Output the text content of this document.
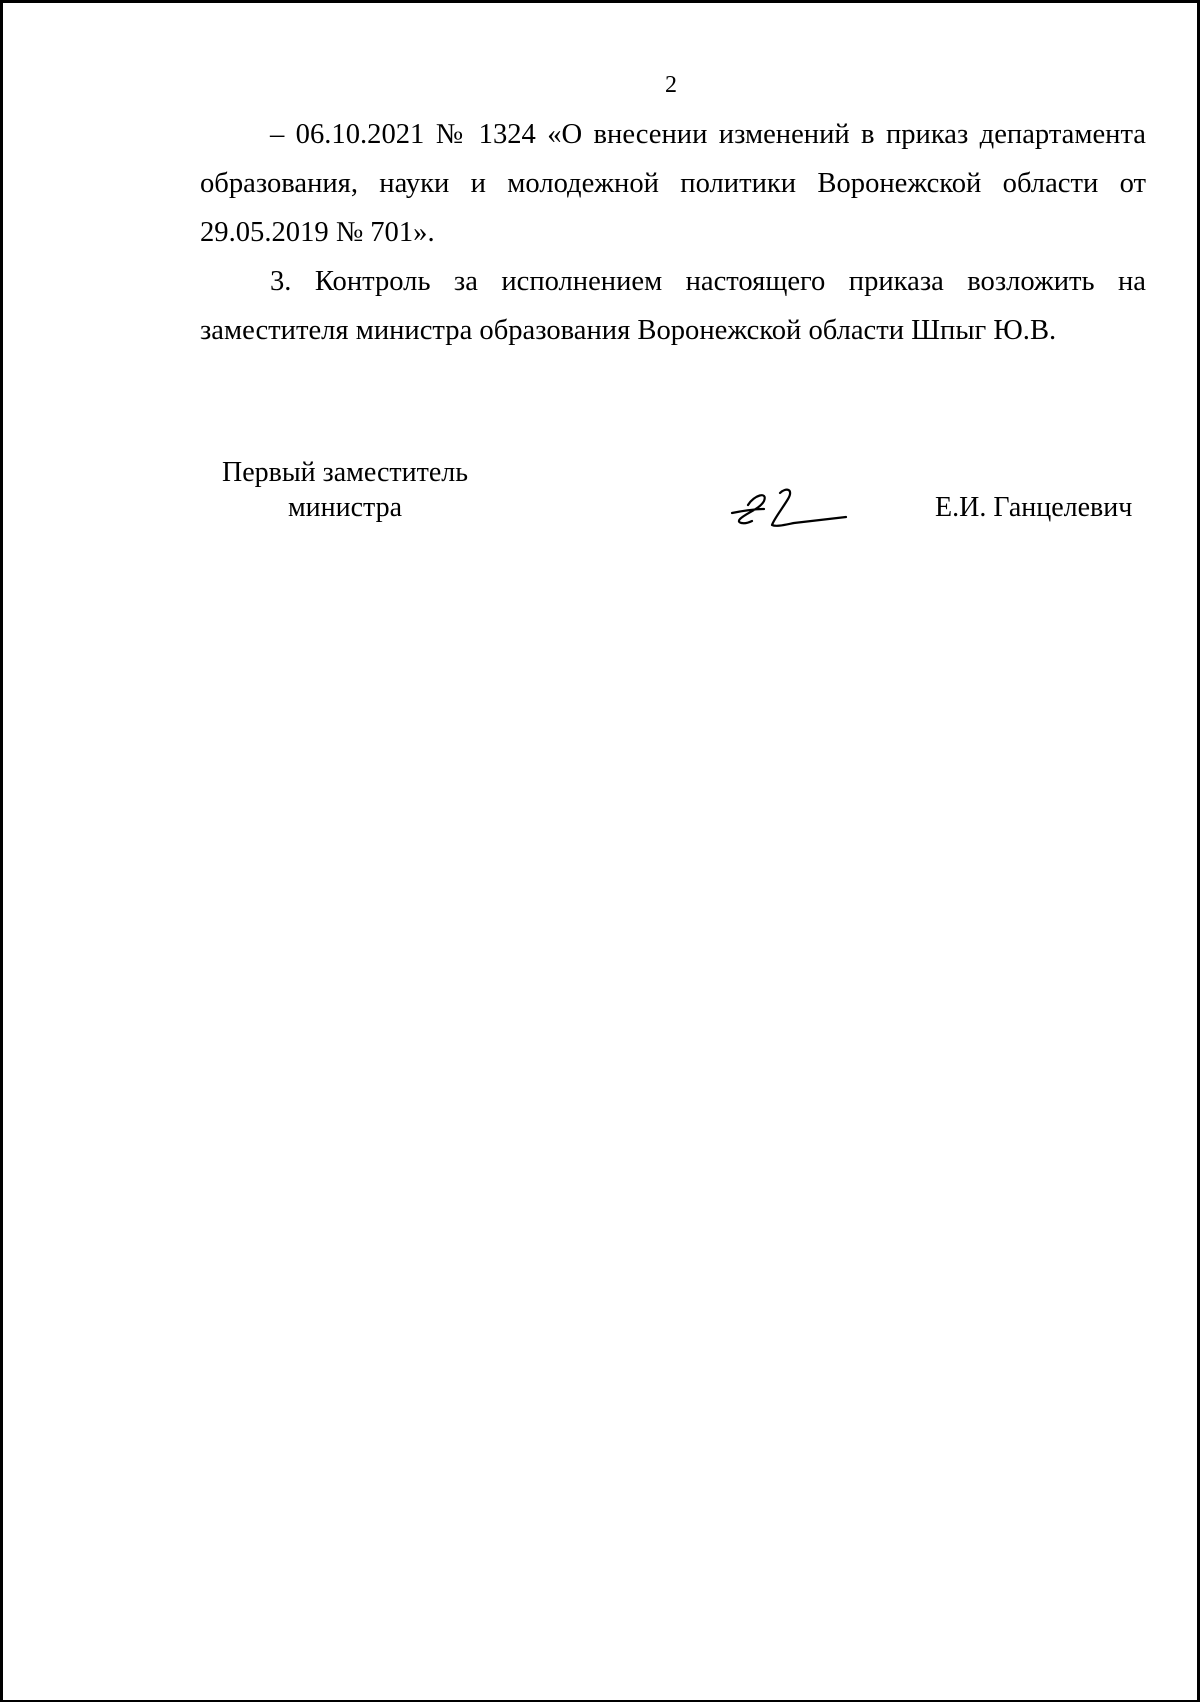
2

– 06.10.2021 № 1324 «О внесении изменений в приказ департамента образования, науки и молодежной политики Воронежской области от 29.05.2019 № 701».

3. Контроль за исполнением настоящего приказа возложить на заместителя министра образования Воронежской области Шпыг Ю.В.

Первый заместитель
министра	Е.И. Ганцелевич
